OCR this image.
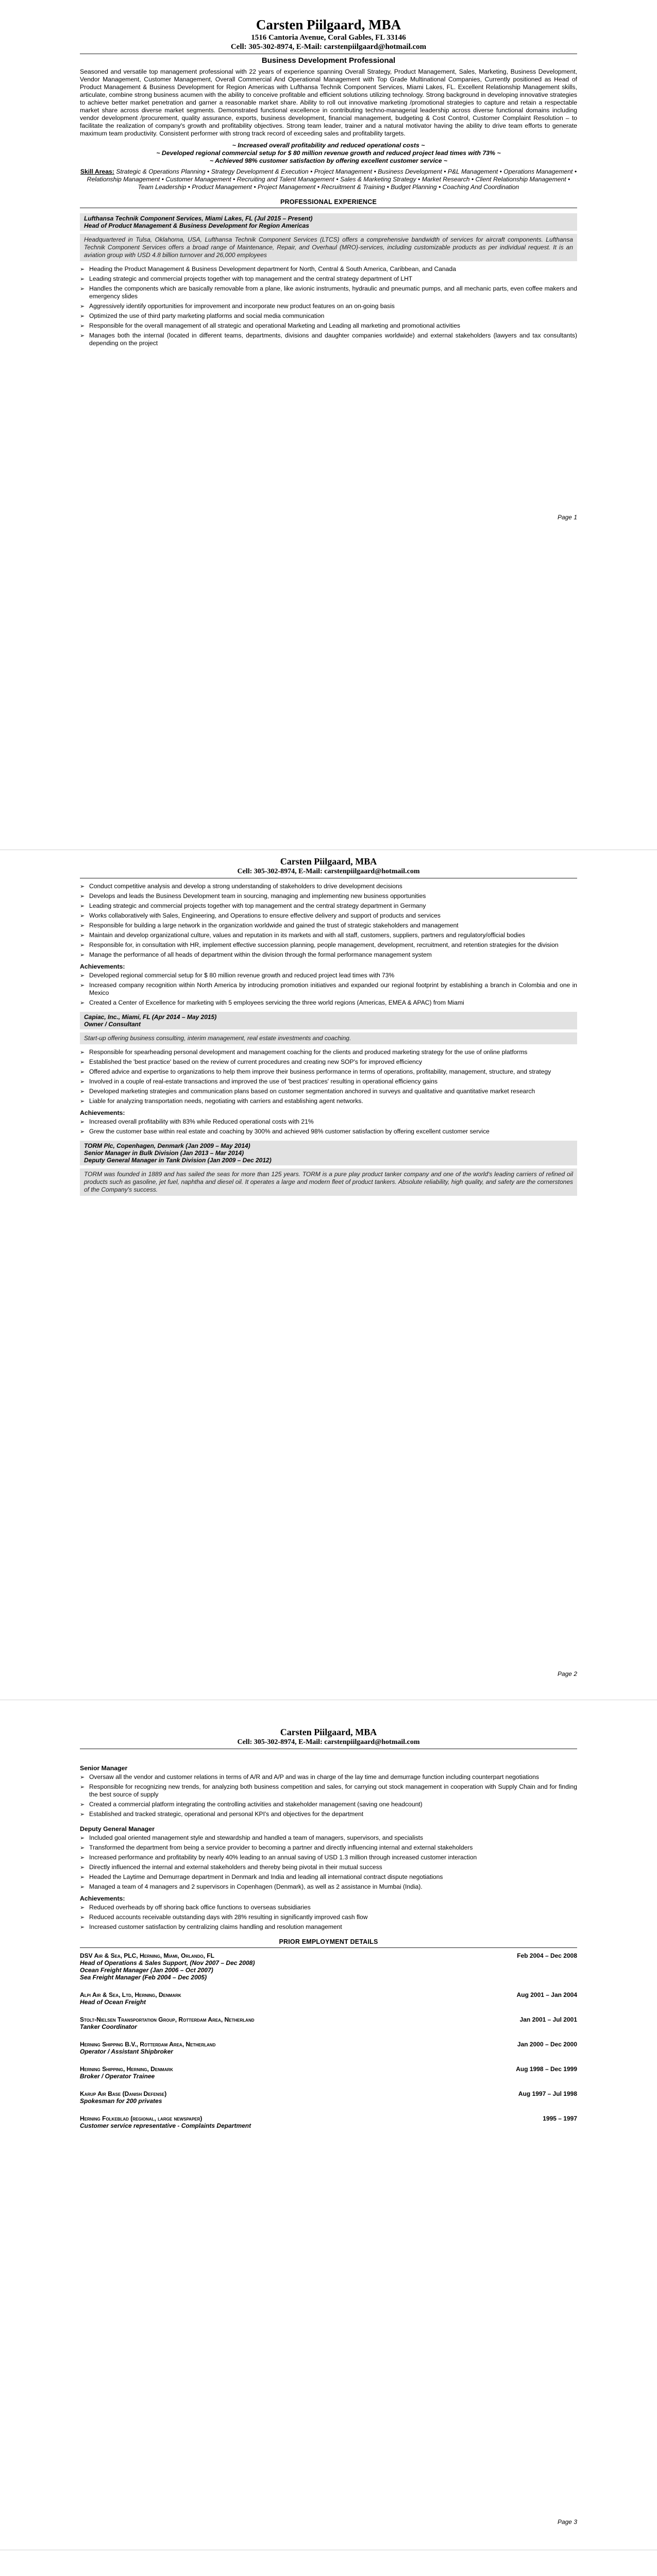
Carsten Piilgaard, MBA
1516 Cantoria Avenue, Coral Gables, FL 33146
Cell: 305-302-8974, E-Mail: carstenpiilgaard@hotmail.com
Business Development Professional

Seasoned and versatile top management professional with 22 years of experience spanning Overall Strategy, Product Management, Sales, Marketing, Business Development, Vendor Management, Customer Management, Overall Commercial And Operational Management with Top Grade Multinational Companies, Currently positioned as Head of Product Management & Business Development for Region Americas with Lufthansa Technik Component Services, Miami Lakes, FL. Excellent Relationship Management skills, articulate, combine strong business acumen with the ability to conceive profitable and efficient solutions utilizing technology. Strong background in developing innovative strategies to achieve better market penetration and garner a reasonable market share. Ability to roll out innovative marketing /promotional strategies to capture and retain a respectable market share across diverse market segments. Demonstrated functional excellence in contributing techno-managerial leadership across diverse functional domains including vendor development /procurement, quality assurance, exports, business development, financial management, budgeting & Cost Control, Customer Complaint Resolution – to facilitate the realization of company's growth and profitability objectives. Strong team leader, trainer and a natural motivator having the ability to drive team efforts to generate maximum team productivity. Consistent performer with strong track record of exceeding sales and profitability targets.

~ Increased overall profitability and reduced operational costs ~
~ Developed regional commercial setup for $ 80 million revenue growth and reduced project lead times with 73% ~
~ Achieved 98% customer satisfaction by offering excellent customer service ~
Skill Areas: Strategic & Operations Planning • Strategy Development & Execution • Project Management • Business Development • P&L Management • Operations Management • Relationship Management • Customer Management • Recruiting and Talent Management • Sales & Marketing Strategy • Market Research • Client Relationship Management • Team Leadership • Product Management • Project Management • Recruitment & Training • Budget Planning • Coaching And Coordination
PROFESSIONAL EXPERIENCE
Lufthansa Technik Component Services, Miami Lakes, FL (Jul 2015 – Present)
Head of Product Management & Business Development for Region Americas
Headquartered in Tulsa, Oklahoma, USA, Lufthansa Technik Component Services (LTCS) offers a comprehensive bandwidth of services for aircraft components. Lufthansa Technik Component Services offers a broad range of Maintenance, Repair, and Overhaul (MRO)-services, including customizable products as per individual request. It is an aviation group with USD 4.8 billion turnover and 26,000 employees
➢ Heading the Product Management & Business Development department for North, Central & South America, Caribbean, and Canada
➢ Leading strategic and commercial projects together with top management and the central strategy department of LHT
➢ Handles the components which are basically removable from a plane, like avionic instruments, hydraulic and pneumatic pumps, and all mechanic parts, even coffee makers and emergency slides
➢ Aggressively identify opportunities for improvement and incorporate new product features on an on-going basis
➢ Optimized the use of third party marketing platforms and social media communication
➢ Responsible for the overall management of all strategic and operational Marketing and Leading all marketing and promotional activities
➢ Manages both the internal (located in different teams, departments, divisions and daughter companies worldwide) and external stakeholders (lawyers and tax consultants) depending on the project
Page 1
Carsten Piilgaard, MBA
Cell: 305-302-8974, E-Mail: carstenpiilgaard@hotmail.com
➢ Conduct competitive analysis and develop a strong understanding of stakeholders to drive development decisions
➢ Develops and leads the Business Development team in sourcing, managing and implementing new business opportunities
➢ Leading strategic and commercial projects together with top management and the central strategy department in Germany
➢ Works collaboratively with Sales, Engineering, and Operations to ensure effective delivery and support of products and services
➢ Responsible for building a large network in the organization worldwide and gained the trust of strategic stakeholders and management
➢ Maintain and develop organizational culture, values and reputation in its markets and with all staff, customers, suppliers, partners and regulatory/official bodies
➢ Responsible for, in consultation with HR, implement effective succession planning, people management, development, recruitment, and retention strategies for the division
➢ Manage the performance of all heads of department within the division through the formal performance management system
Achievements:
➢ Developed regional commercial setup for $ 80 million revenue growth and reduced project lead times with 73%
➢ Increased company recognition within North America by introducing promotion initiatives and expanded our regional footprint by establishing a branch in Colombia and one in Mexico
➢ Created a Center of Excellence for marketing with 5 employees servicing the three world regions (Americas, EMEA & APAC) from Miami
Capiac, Inc., Miami, FL (Apr 2014 – May 2015)
Owner / Consultant
Start-up offering business consulting, interim management, real estate investments and coaching.
➢ Responsible for spearheading personal development and management coaching for the clients and produced marketing strategy for the use of online platforms
➢ Established the 'best practice' based on the review of current procedures and creating new SOP's for improved efficiency
➢ Offered advice and expertise to organizations to help them improve their business performance in terms of operations, profitability, management, structure, and strategy
➢ Involved in a couple of real-estate transactions and improved the use of 'best practices' resulting in operational efficiency gains
➢ Developed marketing strategies and communication plans based on customer segmentation anchored in surveys and qualitative and quantitative market research
➢ Liable for analyzing transportation needs, negotiating with carriers and establishing agent networks.
Achievements:
➢ Increased overall profitability with 83% while Reduced operational costs with 21%
➢ Grew the customer base within real estate and coaching by 300% and achieved 98% customer satisfaction by offering excellent customer service
TORM Plc, Copenhagen, Denmark (Jan 2009 – May 2014)
Senior Manager in Bulk Division (Jan 2013 – Mar 2014)
Deputy General Manager in Tank Division (Jan 2009 – Dec 2012)
TORM was founded in 1889 and has sailed the seas for more than 125 years. TORM is a pure play product tanker company and one of the world's leading carriers of refined oil products such as gasoline, jet fuel, naphtha and diesel oil. It operates a large and modern fleet of product tankers. Absolute reliability, high quality, and safety are the cornerstones of the Company's success.
Page 2
Carsten Piilgaard, MBA
Cell: 305-302-8974, E-Mail: carstenpiilgaard@hotmail.com
Senior Manager
➢ Oversaw all the vendor and customer relations in terms of A/R and A/P and was in charge of the lay time and demurrage function including counterpart negotiations
➢ Responsible for recognizing new trends, for analyzing both business competition and sales, for carrying out stock management in cooperation with Supply Chain and for finding the best source of supply
➢ Created a commercial platform integrating the controlling activities and stakeholder management (saving one headcount)
➢ Established and tracked strategic, operational and personal KPI's and objectives for the department
Deputy General Manager
➢ Included goal oriented management style and stewardship and handled a team of managers, supervisors, and specialists
➢ Transformed the department from being a service provider to becoming a partner and directly influencing internal and external stakeholders
➢ Increased performance and profitability by nearly 40% leading to an annual saving of USD 1.3 million through increased customer interaction
➢ Directly influenced the internal and external stakeholders and thereby being pivotal in their mutual success
➢ Headed the Laytime and Demurrage department in Denmark and India and leading all international contract dispute negotiations
➢ Managed a team of 4 managers and 2 supervisors in Copenhagen (Denmark), as well as 2 assistance in Mumbai (India).
Achievements:
➢ Reduced overheads by off shoring back office functions to overseas subsidiaries
➢ Reduced accounts receivable outstanding days with 28% resulting in significantly improved cash flow
➢ Increased customer satisfaction by centralizing claims handling and resolution management
PRIOR EMPLOYMENT DETAILS
DSV Air & Sea, PLC, Herning, Miami, Orlando, FL	Feb 2004 – Dec 2008
Head of Operations & Sales Support, (Nov 2007 – Dec 2008)
Ocean Freight Manager (Jan 2006 – Oct 2007)
Sea Freight Manager (Feb 2004 – Dec 2005)
Alpi Air & Sea, Ltd, Herning, Denmark	Aug 2001 – Jan 2004
Head of Ocean Freight
Stolt-Nielsen Transportation Group, Rotterdam Area, Netherland	Jan 2001 – Jul 2001
Tanker Coordinator
Herning Shipping B.V., Rotterdam Area, Netherland	Jan 2000 – Dec 2000
Operator / Assistant Shipbroker
Herning Shipping, Herning, Denmark	Aug 1998 – Dec 1999
Broker / Operator Trainee
Karup Air Base (Danish Defense)	Aug 1997 – Jul 1998
Spokesman for 200 privates
Herning Folkeblad (regional, large newspaper)	1995 – 1997
Customer service representative - Complaints Department
Page 3
